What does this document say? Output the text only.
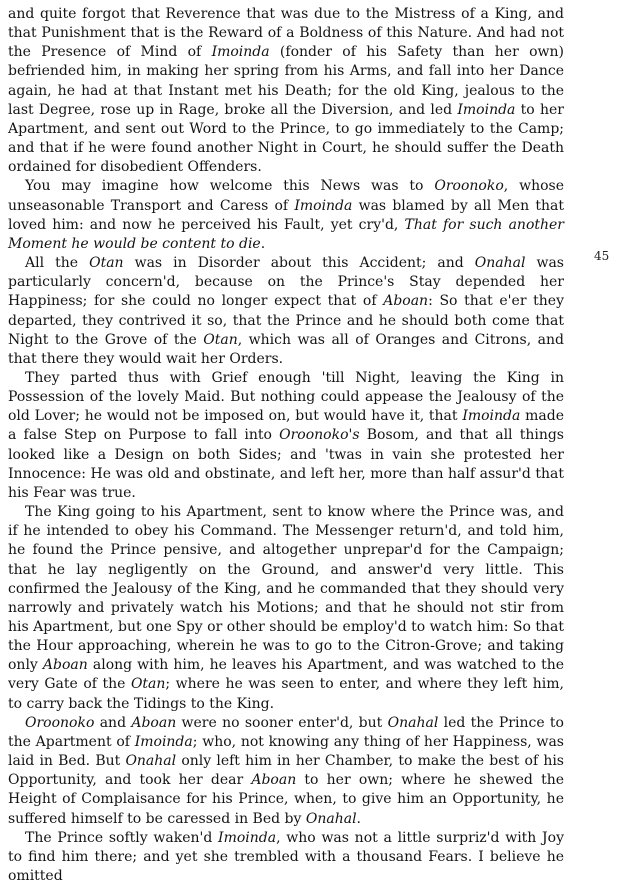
and quite forgot that Reverence that was due to the Mistress of a King, and that Punishment that is the Reward of a Boldness of this Nature. And had not the Presence of Mind of Imoinda (fonder of his Safety than her own) befriended him, in making her spring from his Arms, and fall into her Dance again, he had at that Instant met his Death; for the old King, jealous to the last Degree, rose up in Rage, broke all the Diversion, and led Imoinda to her Apartment, and sent out Word to the Prince, to go immediately to the Camp; and that if he were found another Night in Court, he should suffer the Death ordained for disobedient Offenders.

You may imagine how welcome this News was to Oroonoko, whose unseasonable Transport and Caress of Imoinda was blamed by all Men that loved him: and now he perceived his Fault, yet cry'd, That for such another Moment he would be content to die.

All the Otan was in Disorder about this Accident; and Onahal was particularly concern'd, because on the Prince's Stay depended her Happiness; for she could no longer expect that of Aboan: So that e'er they departed, they contrived it so, that the Prince and he should both come that Night to the Grove of the Otan, which was all of Oranges and Citrons, and that there they would wait her Orders.

They parted thus with Grief enough 'till Night, leaving the King in Possession of the lovely Maid. But nothing could appease the Jealousy of the old Lover; he would not be imposed on, but would have it, that Imoinda made a false Step on Purpose to fall into Oroonoko's Bosom, and that all things looked like a Design on both Sides; and 'twas in vain she protested her Innocence: He was old and obstinate, and left her, more than half assur'd that his Fear was true.

The King going to his Apartment, sent to know where the Prince was, and if he intended to obey his Command. The Messenger return'd, and told him, he found the Prince pensive, and altogether unprepar'd for the Campaign; that he lay negligently on the Ground, and answer'd very little. This confirmed the Jealousy of the King, and he commanded that they should very narrowly and privately watch his Motions; and that he should not stir from his Apartment, but one Spy or other should be employ'd to watch him: So that the Hour approaching, wherein he was to go to the Citron-Grove; and taking only Aboan along with him, he leaves his Apartment, and was watched to the very Gate of the Otan; where he was seen to enter, and where they left him, to carry back the Tidings to the King.

Oroonoko and Aboan were no sooner enter'd, but Onahal led the Prince to the Apartment of Imoinda; who, not knowing any thing of her Happiness, was laid in Bed. But Onahal only left him in her Chamber, to make the best of his Opportunity, and took her dear Aboan to her own; where he shewed the Height of Complaisance for his Prince, when, to give him an Opportunity, he suffered himself to be caressed in Bed by Onahal.

The Prince softly waken'd Imoinda, who was not a little surpriz'd with Joy to find him there; and yet she trembled with a thousand Fears. I believe he omitted

45
